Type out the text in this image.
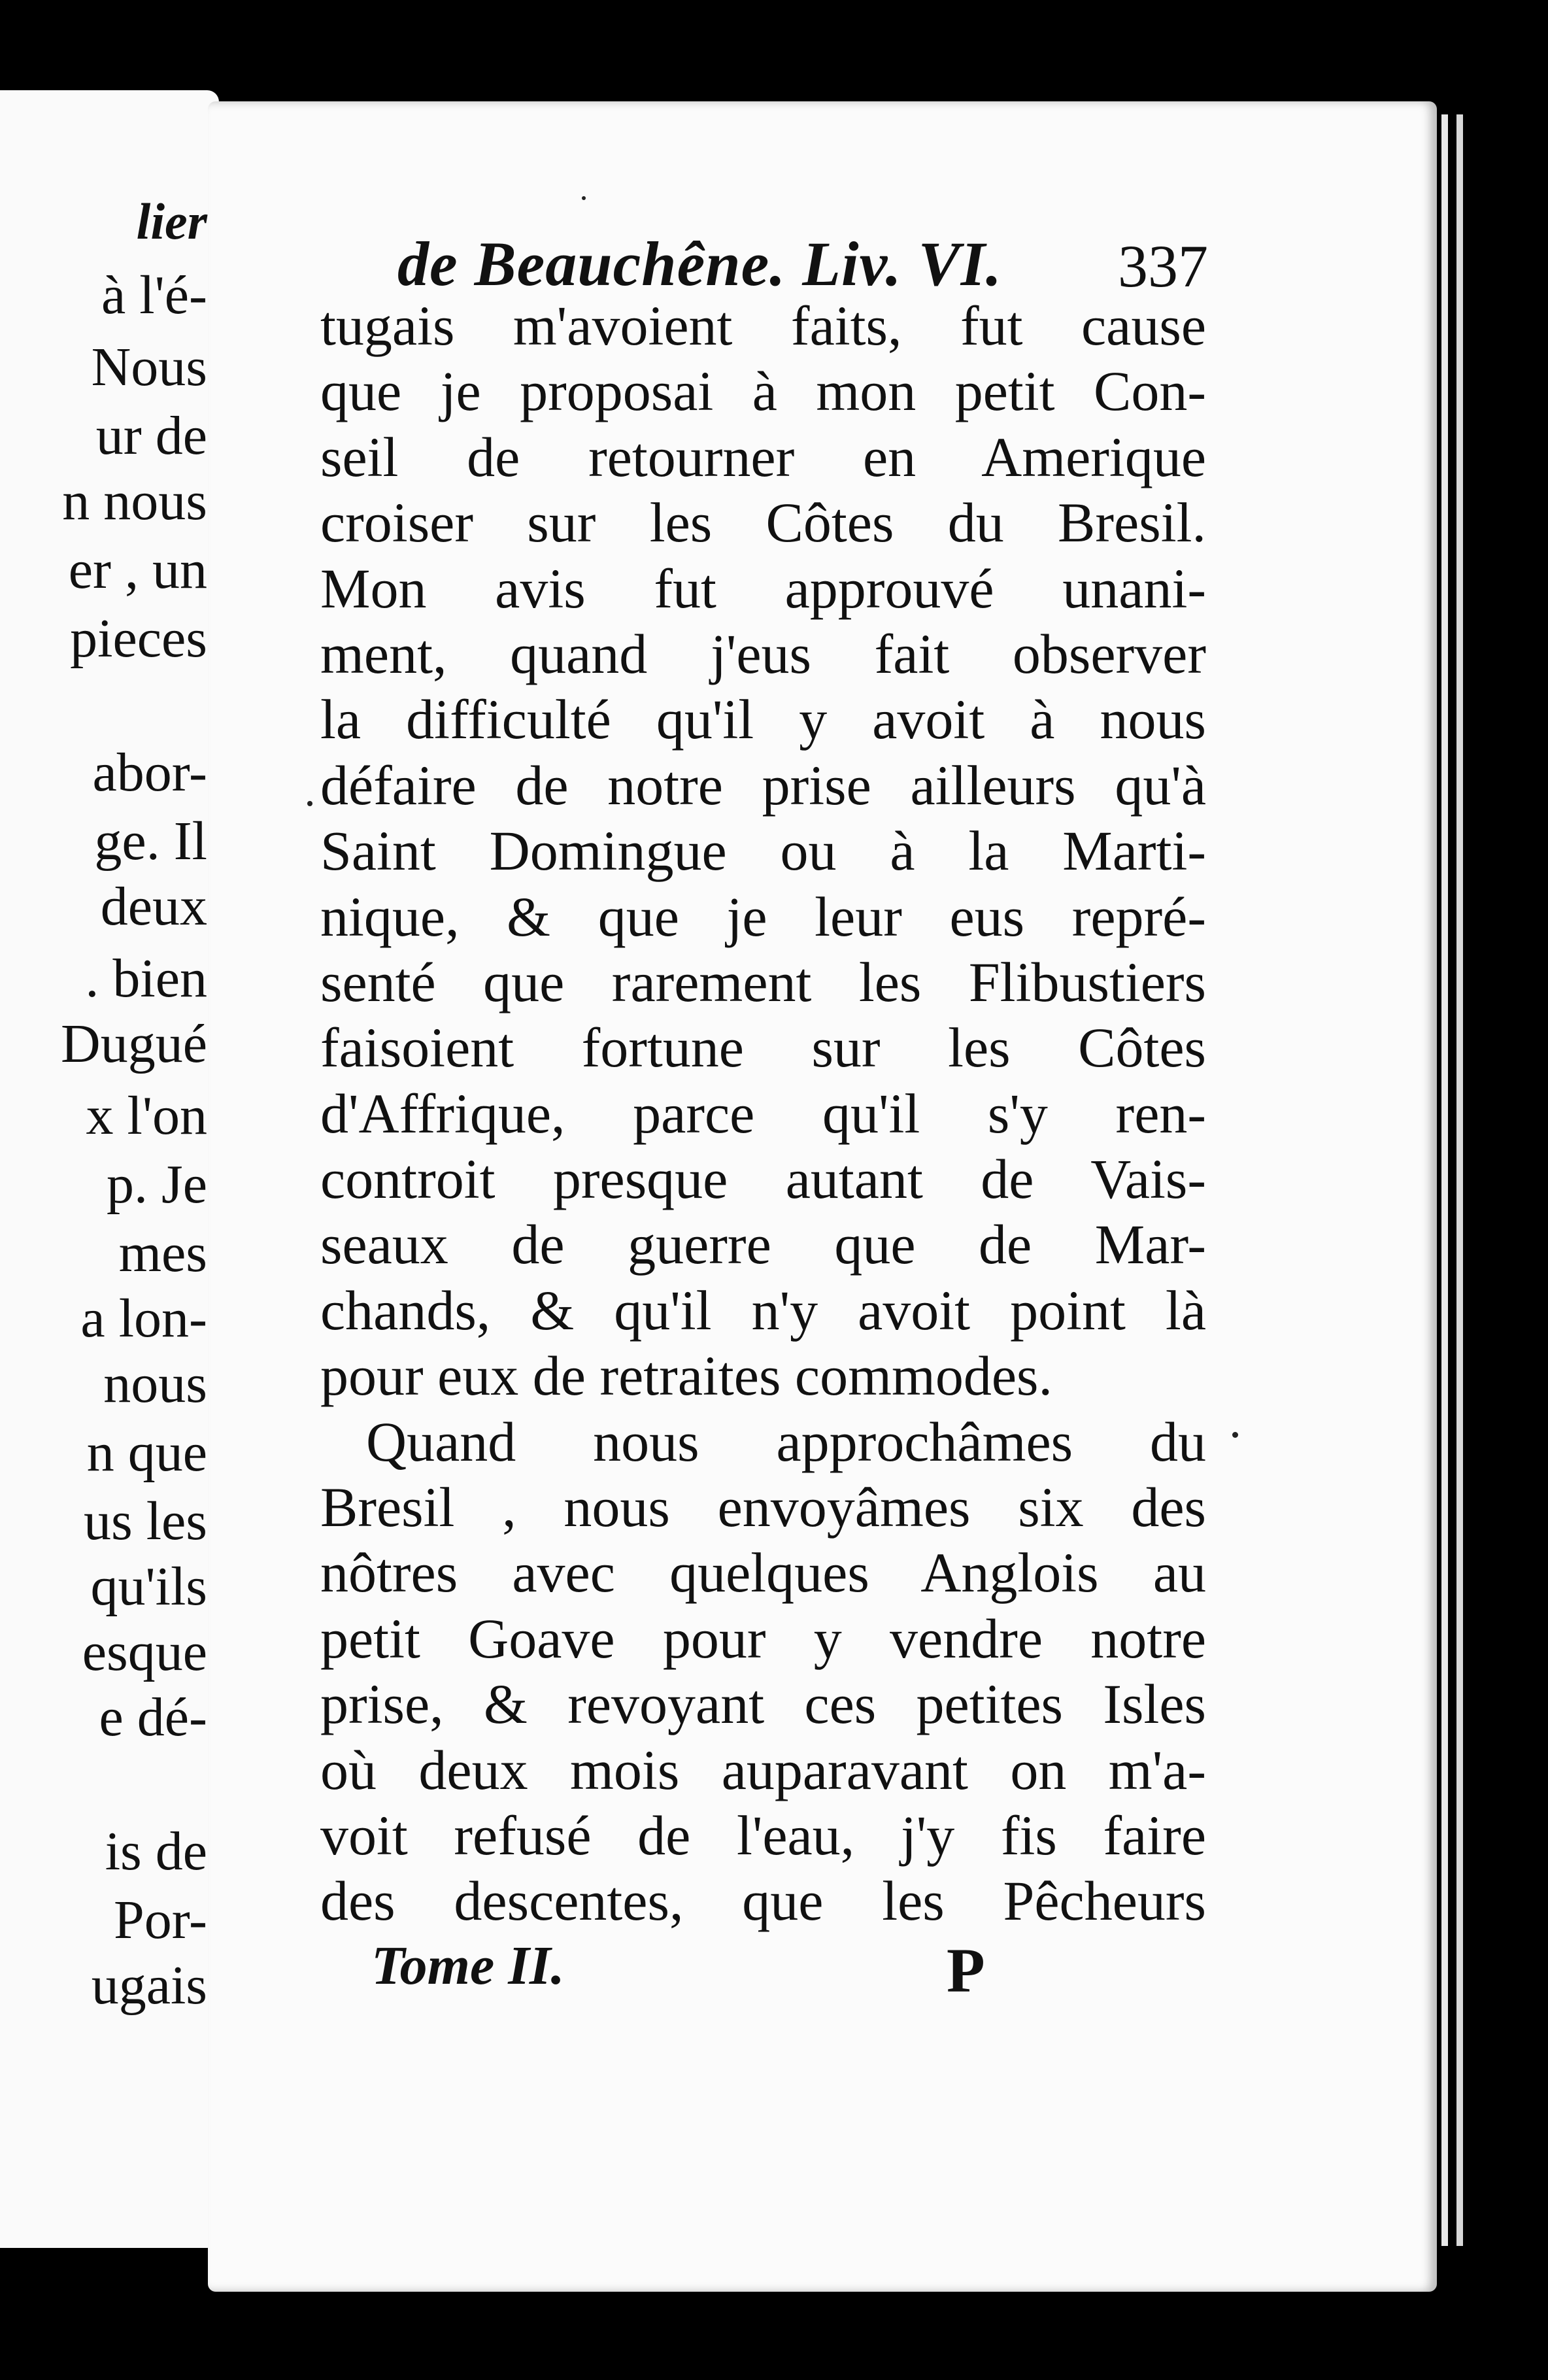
lier
à l'é-
Nous
ur de
n nous
er , un
pieces
abor-
ge. Il
deux
. bien
Dugué
x l'on
p. Je
mes
a lon-
nous
n que
us les
qu'ils
esque
e dé-
is de
Por-
ugais
de Beauchêne. Liv. VI. 337
tugais m'avoient faits, fut cause
que je proposai à mon petit Con-
seil de retourner en Amerique
croiser sur les Côtes du Bresil.
Mon avis fut approuvé unani-
ment, quand j'eus fait observer
la difficulté qu'il y avoit à nous
défaire de notre prise ailleurs qu'à
Saint Domingue ou à la Marti-
nique, & que je leur eus repré-
senté que rarement les Flibustiers
faisoient fortune sur les Côtes
d'Affrique, parce qu'il s'y ren-
controit presque autant de Vais-
seaux de guerre que de Mar-
chands, & qu'il n'y avoit point là
pour eux de retraites commodes.
Quand nous approchâmes du
Bresil , nous envoyâmes six des
nôtres avec quelques Anglois au
petit Goave pour y vendre notre
prise, & revoyant ces petites Isles
où deux mois auparavant on m'a-
voit refusé de l'eau, j'y fis faire
des descentes, que les Pêcheurs
Tome II.	P
